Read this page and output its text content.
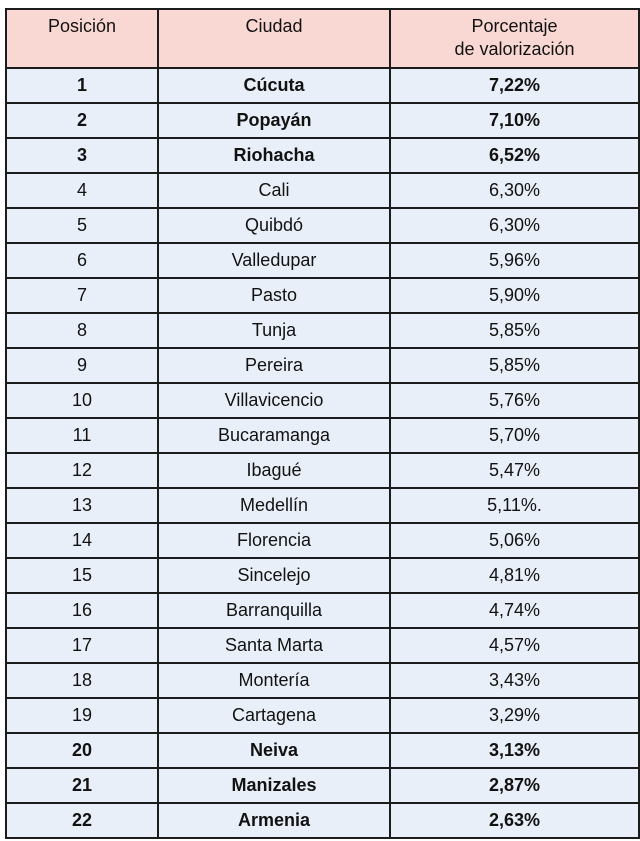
Posición	Ciudad	Porcentaje
de valorización

1	Cúcuta	7,22%
2	Popayán	7,10%
3	Riohacha	6,52%
4	Cali	6,30%
5	Quibdó	6,30%
6	Valledupar	5,96%
7	Pasto	5,90%
8	Tunja	5,85%
9	Pereira	5,85%
10	Villavicencio	5,76%
11	Bucaramanga	5,70%
12	Ibagué	5,47%
13	Medellín	5,11%.
14	Florencia	5,06%
15	Sincelejo	4,81%
16	Barranquilla	4,74%
17	Santa Marta	4,57%
18	Montería	3,43%
19	Cartagena	3,29%
20	Neiva	3,13%
21	Manizales	2,87%
22	Armenia	2,63%
